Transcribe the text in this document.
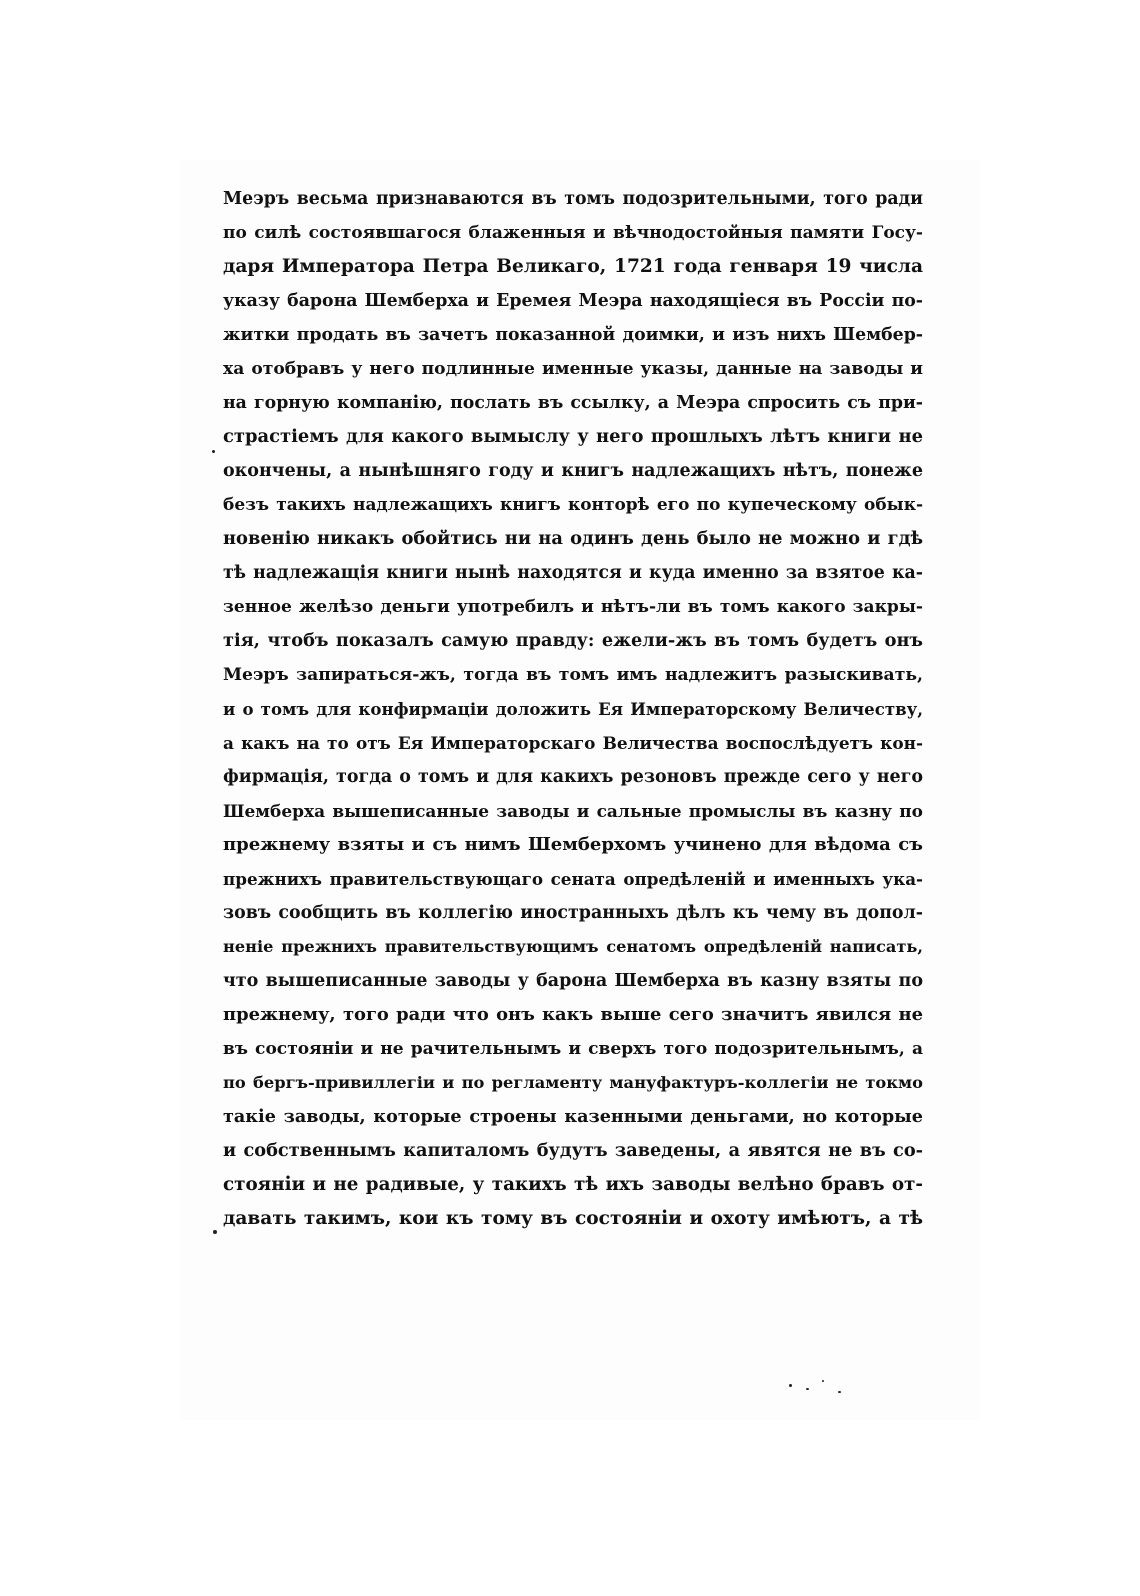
Меэръ весьма признаваются въ томъ подозрительными, того ради
по силѣ состоявшагося блаженныя и вѣчнодостойныя памяти Госу-
даря Императора Петра Великаго, 1721 года генваря 19 числа
указу барона Шемберха и Еремея Меэра находящіеся въ Россіи по-
житки продать въ зачетъ показанной доимки, и изъ нихъ Шембер-
ха отобравъ у него подлинные именные указы, данные на заводы и
на горную компанію, послать въ ссылку, а Меэра спросить съ при-
страстіемъ для какого вымыслу у него прошлыхъ лѣтъ книги не
окончены, а нынѣшняго году и книгъ надлежащихъ нѣтъ, понеже
безъ такихъ надлежащихъ книгъ конторѣ его по купеческому обык-
новенію никакъ обойтись ни на одинъ день было не можно и гдѣ
тѣ надлежащія книги нынѣ находятся и куда именно за взятое ка-
зенное желѣзо деньги употребилъ и нѣтъ-ли въ томъ какого закры-
тія, чтобъ показалъ самую правду: ежели-жъ въ томъ будетъ онъ
Меэръ запираться-жъ, тогда въ томъ имъ надлежитъ разыскивать,
и о томъ для конфирмаціи доложить Ея Императорскому Величеству,
а какъ на то отъ Ея Императорскаго Величества воспослѣдуетъ кон-
фирмація, тогда о томъ и для какихъ резоновъ прежде сего у него
Шемберха вышеписанные заводы и сальные промыслы въ казну по
прежнему взяты и съ нимъ Шемберхомъ учинено для вѣдома съ
прежнихъ правительствующаго сената опредѣленій и именныхъ ука-
зовъ сообщить въ коллегію иностранныхъ дѣлъ къ чему въ допол-
неніе прежнихъ правительствующимъ сенатомъ опредѣленій написать,
что вышеписанные заводы у барона Шемберха въ казну взяты по
прежнему, того ради что онъ какъ выше сего значитъ явился не
въ состояніи и не рачительнымъ и сверхъ того подозрительнымъ, а
по бергъ-привиллегіи и по регламенту мануфактуръ-коллегіи не токмо
такіе заводы, которые строены казенными деньгами, но которые
и собственнымъ капиталомъ будутъ заведены, а явятся не въ со-
стояніи и не радивые, у такихъ тѣ ихъ заводы велѣно бравъ от-
давать такимъ, кои къ тому въ состояніи и охоту имѣютъ, а тѣ
